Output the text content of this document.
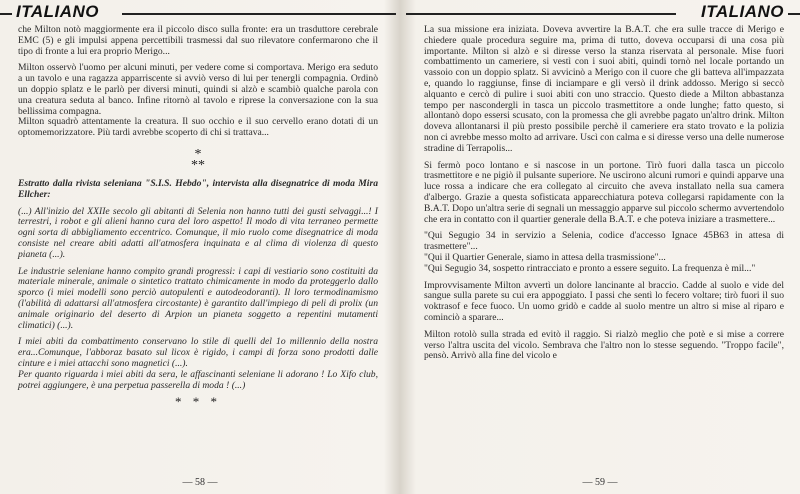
ITALIANO

che Milton notò maggiormente era il piccolo disco sulla fronte: era un trasduttore cerebrale EMC (5) e gli impulsi appena percettibili trasmessi dal suo rilevatore confermarono che il tipo di fronte a lui era proprio Merigo...

Milton osservò l'uomo per alcuni minuti, per vedere come si comportava. Merigo era seduto a un tavolo e una ragazza apparriscente si avviò verso di lui per tenergli compagnia. Ordinò un doppio splatz e le parlò per diversi minuti, quindi si alzò e scambiò qualche parola con una creatura seduta al banco. Infine ritornò al tavolo e riprese la conversazione con la sua bellissima compagna.
Milton squadrò attentamente la creatura. Il suo occhio e il suo cervello erano dotati di un optomemorizzatore. Più tardi avrebbe scoperto di chi si trattava...

*
**

Estratto dalla rivista seleniana "S.I.S. Hebdo", intervista alla disegnatrice di moda Mira Ellcher:

(...) All'inizio del XXIIe secolo gli abitanti di Selenia non hanno tutti dei gusti selvaggi...! I terrestri, i robot e gli alieni hanno cura del loro aspetto! Il modo di vita terraneo permette ogni sorta di abbigliamento eccentrico. Comunque, il mio ruolo come disegnatrice di moda consiste nel creare abiti adatti all'atmosfera inquinata e al clima di violenza di questo pianeta (...).

Le industrie seleniane hanno compito grandi progressi: i capi di vestiario sono costituiti da materiale minerale, animale o sintetico trattato chimicamente in modo da proteggerlo dallo sporco (i miei modelli sono perciò autopulenti e autodeodoranti). Il loro termodinamismo (l'abilità di adattarsi all'atmosfera circostante) è garantito dall'impiego di peli di prolix (un animale originario del deserto di Arpion un pianeta soggetto a repentini mutamenti climatici) (...).

I miei abiti da combattimento conservano lo stile di quelli del 1o millennio della nostra era...Comunque, l'abboraz basato sul licox è rigido, i campi di forza sono prodotti dalle cinture e i miei attacchi sono magnetici (...).
Per quanto riguarda i miei abiti da sera, le affascinanti seleniane li adorano ! Lo Xifo club, potrei aggiungere, è una perpetua passerella di moda ! (...)

* * *
— 58 —
ITALIANO

La sua missione era iniziata. Doveva avvertire la B.A.T. che era sulle tracce di Merigo e chiedere quale procedura seguire ma, prima di tutto, doveva occuparsi di una cosa più importante. Milton si alzò e si diresse verso la stanza riservata al personale. Mise fuori combattimento un cameriere, si vestì con i suoi abiti, quindi tornò nel locale portando un vassoio con un doppio splatz. Si avvicinò a Merigo con il cuore che gli batteva all'impazzata e, quando lo raggiunse, finse di inciampare e gli versò il drink addosso. Merigo si seccò alquanto e cercò di pulire i suoi abiti con uno straccio. Questo diede a Milton abbastanza tempo per nascondergli in tasca un piccolo trasmettitore a onde lunghe; fatto questo, si allontanò dopo essersi scusato, con la promessa che gli avrebbe pagato un'altro drink. Milton doveva allontanarsi il più presto possibile perchè il cameriere era stato trovato e la polizia non ci avrebbe messo molto ad arrivare. Uscì con calma e si diresse verso una delle numerose stradine di Terrapolis...

Si fermò poco lontano e si nascose in un portone. Tirò fuori dalla tasca un piccolo trasmettitore e ne pigiò il pulsante superiore. Ne uscirono alcuni rumori e quindi apparve una luce rossa a indicare che era collegato al circuito che aveva installato nella sua camera d'albergo. Grazie a questa sofisticata apparecchiatura poteva collegarsi rapidamente con la B.A.T. Dopo un'altra serie di segnali un messaggio apparve sul piccolo schermo avvertendolo che era in contatto con il quartier generale della B.A.T. e che poteva iniziare a trasmettere...

"Qui Segugio 34 in servizio a Selenia, codice d'accesso Ignace 45B63 in attesa di trasmettere"...

"Qui il Quartier Generale, siamo in attesa della trasmissione"...

"Qui Segugio 34, sospetto rintracciato e pronto a essere seguito. La frequenza è mil..."

Improvvisamente Milton avvertì un dolore lancinante al braccio. Cadde al suolo e vide del sangue sulla parete su cui era appoggiato. I passi che sentì lo fecero voltare; tirò fuori il suo voktrasof e fece fuoco. Un uomo gridò e cadde al suolo mentre un altro si mise al riparo e cominciò a sparare...

Milton rotolò sulla strada ed evitò il raggio. Si rialzò meglio che potè e si mise a correre verso l'altra uscita del vicolo. Sembrava che l'altro non lo stesse seguendo. "Troppo facile", pensò. Arrivò alla fine del vicolo e

— 59 —
